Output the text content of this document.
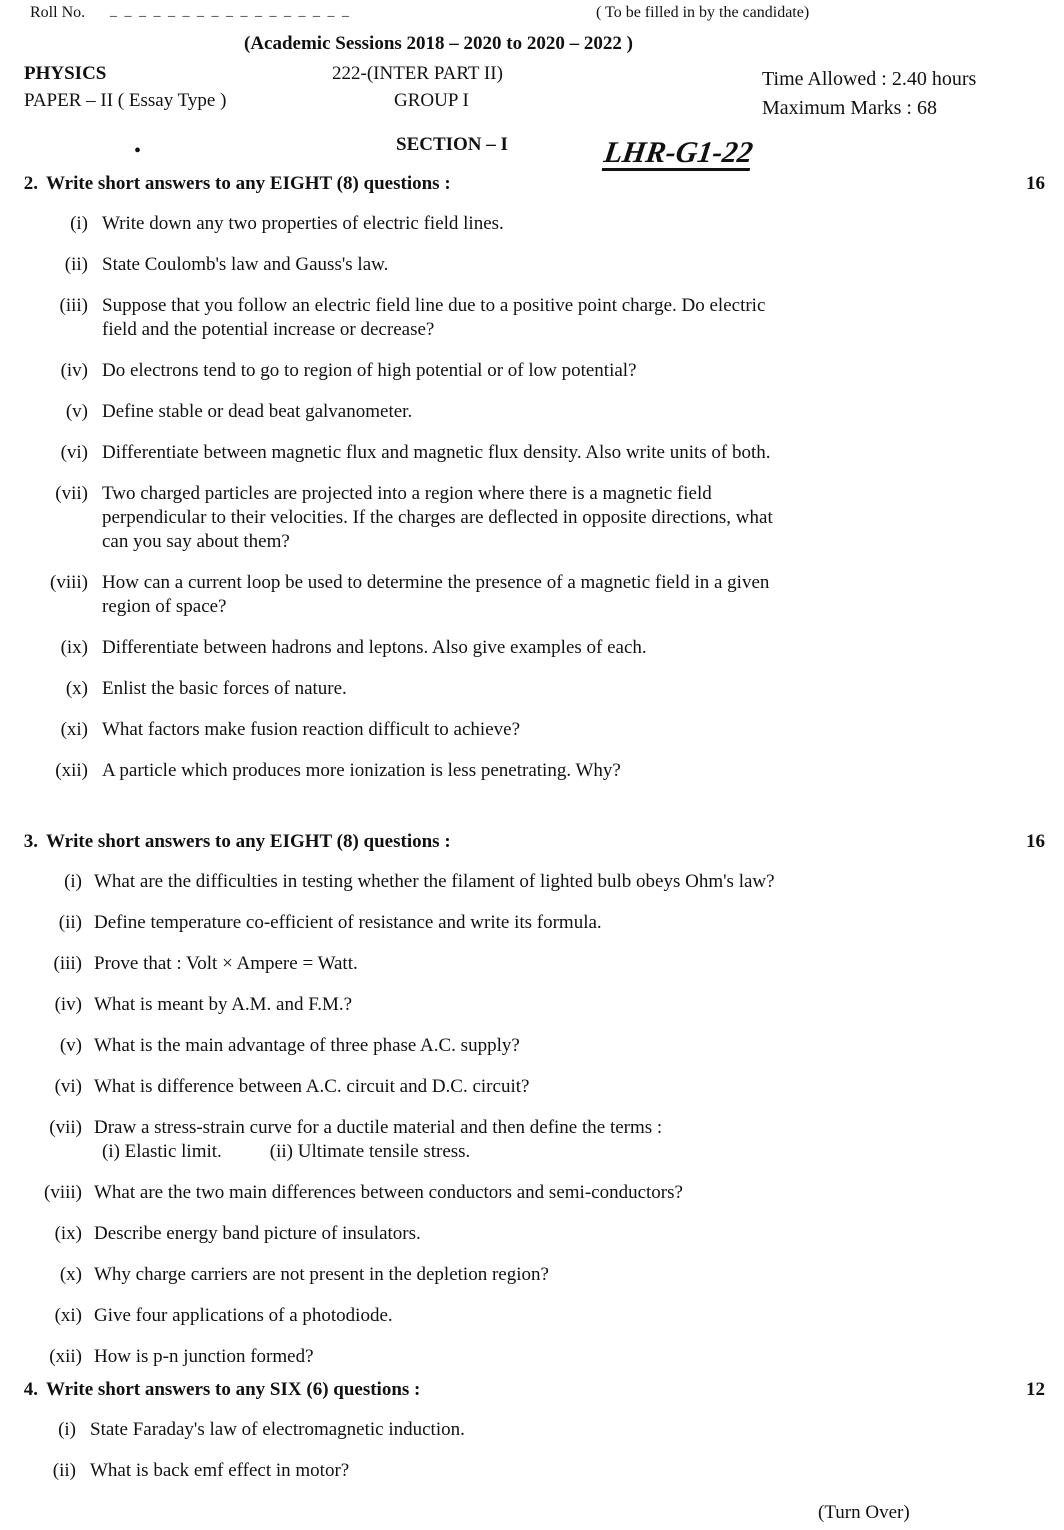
Roll No. _ _ _ _ _ _ _ _ _ _ _ _ _ _ _ _ _	( To be filled in by the candidate)
(Academic Sessions 2018 – 2020 to 2020 – 2022 )
PHYSICS	222-(INTER PART II)	Time Allowed : 2.40 hours
PAPER – II ( Essay Type )	GROUP I	Maximum Marks : 68
•	SECTION – I	LHR-G1-22
2. Write short answers to any EIGHT (8) questions :	16
(i) Write down any two properties of electric field lines.
(ii) State Coulomb's law and Gauss's law.
(iii) Suppose that you follow an electric field line due to a positive point charge. Do electric
field and the potential increase or decrease?
(iv) Do electrons tend to go to region of high potential or of low potential?
(v) Define stable or dead beat galvanometer.
(vi) Differentiate between magnetic flux and magnetic flux density. Also write units of both.
(vii) Two charged particles are projected into a region where there is a magnetic field
perpendicular to their velocities. If the charges are deflected in opposite directions, what
can you say about them?
(viii) How can a current loop be used to determine the presence of a magnetic field in a given
region of space?
(ix) Differentiate between hadrons and leptons. Also give examples of each.
(x) Enlist the basic forces of nature.
(xi) What factors make fusion reaction difficult to achieve?
(xii) A particle which produces more ionization is less penetrating. Why?
3. Write short answers to any EIGHT (8) questions :	16
(i) What are the difficulties in testing whether the filament of lighted bulb obeys Ohm's law?
(ii) Define temperature co-efficient of resistance and write its formula.
(iii) Prove that : Volt × Ampere = Watt.
(iv) What is meant by A.M. and F.M.?
(v) What is the main advantage of three phase A.C. supply?
(vi) What is difference between A.C. circuit and D.C. circuit?
(vii) Draw a stress-strain curve for a ductile material and then define the terms :
(i) Elastic limit.	(ii) Ultimate tensile stress.
(viii) What are the two main differences between conductors and semi-conductors?
(ix) Describe energy band picture of insulators.
(x) Why charge carriers are not present in the depletion region?
(xi) Give four applications of a photodiode.
(xii) How is p-n junction formed?
4. Write short answers to any SIX (6) questions :	12
(i) State Faraday's law of electromagnetic induction.
(ii) What is back emf effect in motor?
(Turn Over)
